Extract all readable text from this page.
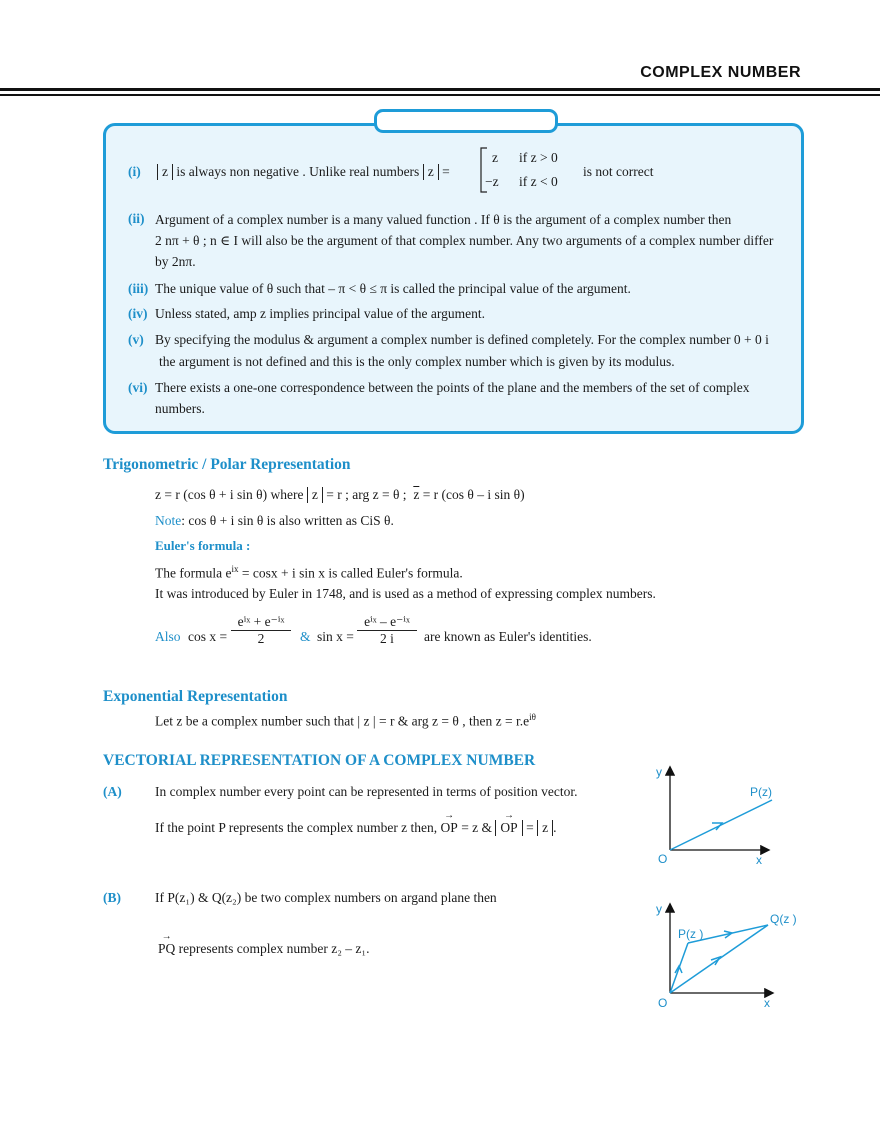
COMPLEX NUMBER
(i)	z is always non negative . Unlike real numbers z =
z if z > 0
−z if z < 0
is not correct
(ii) Argument of a complex number is a many valued function . If θ is the argument of a complex number then
2 nπ + θ ; n ∈ I will also be the argument of that complex number. Any two arguments of a complex number differ
by 2nπ.
(iii) The unique value of θ such that – π < θ ≤ π is called the principal value of the argument.
(iv) Unless stated, amp z implies principal value of the argument.
(v) By specifying the modulus & argument a complex number is defined completely. For the complex number 0 + 0 i
the argument is not defined and this is the only complex number which is given by its modulus.
(vi) There exists a one-one correspondence between the points of the plane and the members of the set of complex
numbers.
Trigonometric / Polar Representation
z = r (cos θ + i sin θ) where z = r ; arg z = θ ; $\overline{z} = r$ (cos θ – i sin θ)
Note: cos θ + i sin θ is also written as CiS θ.
Euler's formula :
The formula $e^{ix} = \cos x + i$ sin x is called Euler's formula.
It was introduced by Euler in 1748, and is used as a method of expressing complex numbers.
Also cos x =
eⁱˣ + e⁻ⁱˣ
2	& sin x =
eⁱˣ – e⁻ⁱˣ
2 i	are known as Euler's identities.
Exponential Representation
Let z be a complex number such that | z | = r & arg z = θ , then $z = r.e^{i\theta}$
VECTORIAL REPRESENTATION OF A COMPLEX NUMBER
(A) In complex number every point can be represented in terms of position vector.
If the point P represents the complex number z then,
→
OP = z &
→
OP = z .
(B)	If P(z₁) & Q(z₂) be two complex numbers on argand plane then
→
PQ represents complex number z₂ – z₁.
y
x
O
P(z)
y
x
O
P(z )
Q(z )
